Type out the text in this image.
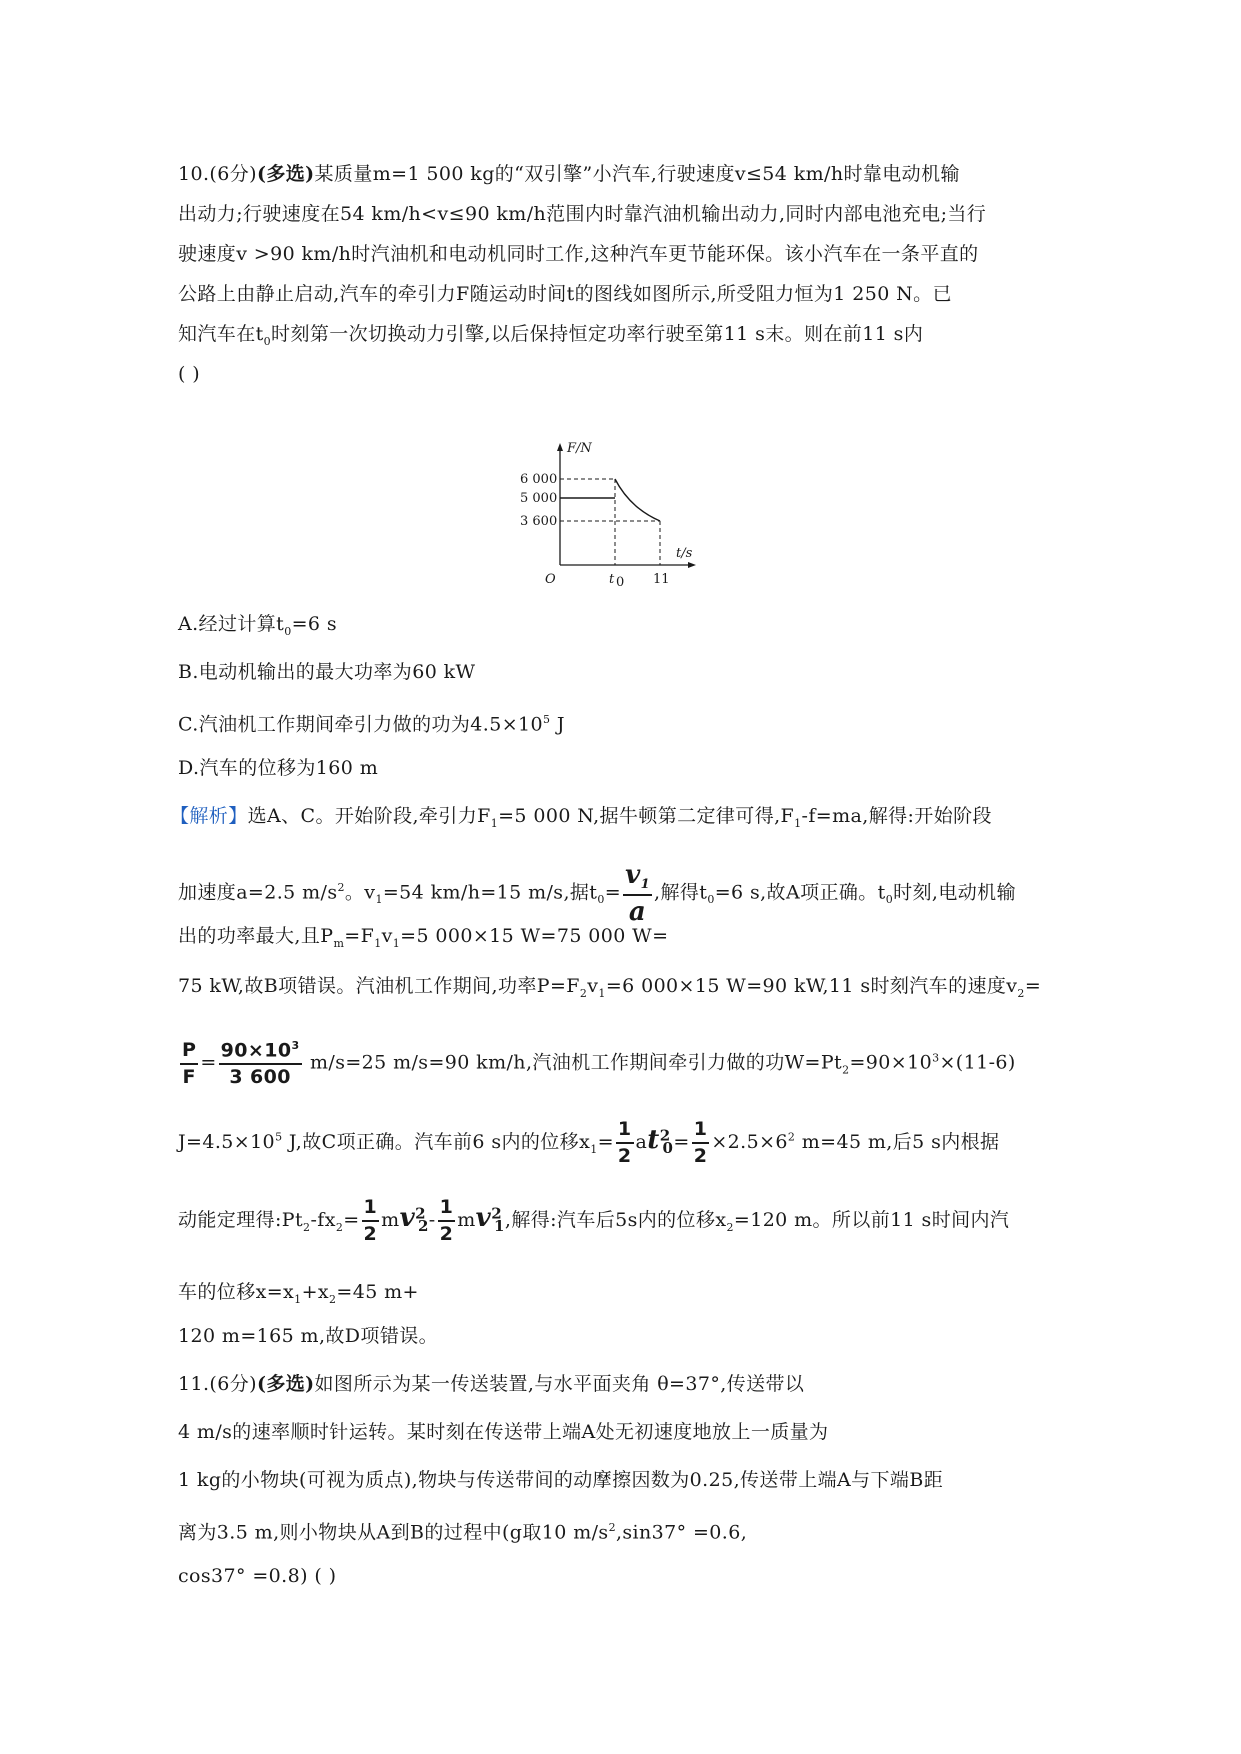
10.(6分)(多选)某质量m=1 500 kg的“双引擎”小汽车,行驶速度v≤54 km/h时靠电动机输
出动力;行驶速度在54 km/h<v≤90 km/h范围内时靠汽油机输出动力,同时内部电池充电;当行
驶速度v >90 km/h时汽油机和电动机同时工作,这种汽车更节能环保。该小汽车在一条平直的
公路上由静止启动,汽车的牵引力F随运动时间t的图线如图所示,所受阻力恒为1 250 N。已
知汽车在$t_0$时刻第一次切换动力引擎,以后保持恒定功率行驶至第11 s末。则在前11 s内
( )
F/N
t/s
O
6 000
5 000
3 600
t 0 11
A.经过计算$t_0=6$ s
B.电动机输出的最大功率为60 kW
C.汽油机工作期间牵引力做的功为$4.5\times 10^5$ J
D.汽车的位移为160 m
【解析】选A、C。开始阶段,牵引力$F_1=5$ 000 N,据牛顿第二定律可得$,F_1-f=ma$,解得:开始阶段
加速度a=2.5 $m/s^2$。$v_1=54$ km/h=15 m/s,据$t_0= \frac{v_1}{a}$ ,解得$t_0=6$ s,故A项正确。$t_0$时刻,电动机输
出的功率最大,且$P_m=F_1v_1=5$ 000×15 W=75 000 W=
75 kW,故B项错误。汽油机工作期间,功率$P=F_2v_1=6$ 000×15 W=90 kW,11 s时刻汽车的速度$v_2=$
$\frac{P}{F} = \frac{90\times 10^3}{3 600} m/s=25$ m/s=90 km/h,汽油机工作期间牵引力做的功$W=Pt_2=90\times 10^3\times(11-6)$
$J=4.5\times 10^5$ J,故C项正确。汽车前6 s内的位移$x_1= \frac{1}{2} at^2_0= \frac{1}{2} \times 2.5\times 6^2$ m=45 m,后5 s内根据
动能定理得$:Pt_2-fx_2= \frac{1}{2} mv^2_2- \frac{1}{2} mv^2_1$,解得:汽车后5s内的位移$x_2=120$ m。所以前11 s时间内汽
车的位移$x=x_1+x_2=45$ m+
120 m=165 m,故D项错误。
11.(6分)(多选)如图所示为某一传送装置,与水平面夹角 θ=37°,传送带以
4 m/s的速率顺时针运转。某时刻在传送带上端A处无初速度地放上一质量为
1 kg的小物块(可视为质点),物块与传送带间的动摩擦因数为0.25,传送带上端A与下端B距
离为3.5 m,则小物块从A到B的过程中(g取10 $m/s^2,\sin 37^\circ =0.6$,
cos37° =0.8) ( )
